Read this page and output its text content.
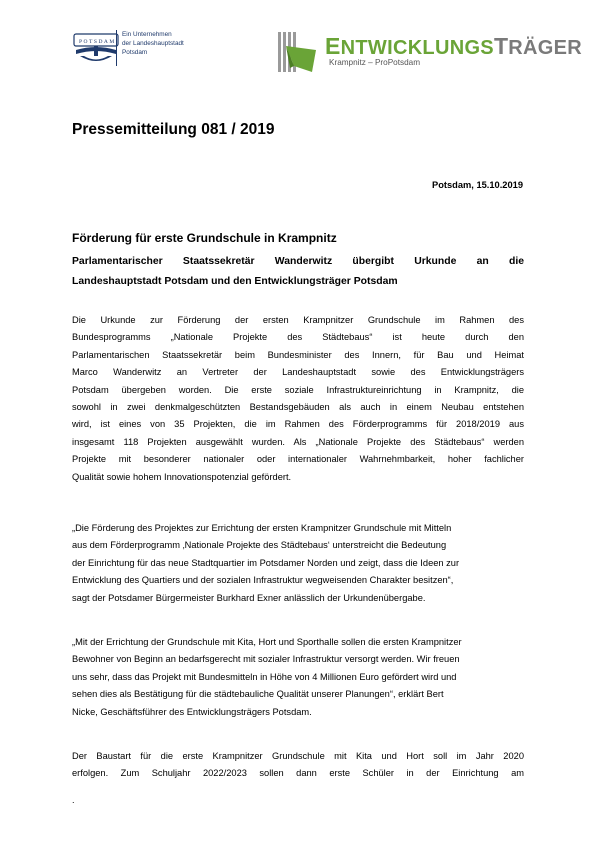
POTSDAM
Ein Unternehmen
der Landeshauptstadt
Potsdam	ENTWICKLUNGSTRÄGER
Krampnitz – ProPotsdam
Pressemitteilung 081 / 2019
Potsdam, 15.10.2019
Förderung für erste Grundschule in Krampnitz
Parlamentarischer Staatssekretär Wanderwitz übergibt Urkunde an die
Landeshauptstadt Potsdam und den Entwicklungsträger Potsdam
Die Urkunde zur Förderung der ersten Krampnitzer Grundschule im Rahmen des
Bundesprogramms „Nationale Projekte des Städtebaus“ ist heute durch den
Parlamentarischen Staatssekretär beim Bundesminister des Innern, für Bau und Heimat
Marco Wanderwitz an Vertreter der Landeshauptstadt sowie des Entwicklungsträgers
Potsdam übergeben worden. Die erste soziale Infrastruktureinrichtung in Krampnitz, die
sowohl in zwei denkmalgeschützten Bestandsgebäuden als auch in einem Neubau entstehen
wird, ist eines von 35 Projekten, die im Rahmen des Förderprogramms für 2018/2019 aus
insgesamt 118 Projekten ausgewählt wurden. Als „Nationale Projekte des Städtebaus“ werden
Projekte mit besonderer nationaler oder internationaler Wahrnehmbarkeit, hoher fachlicher
Qualität sowie hohem Innovationspotenzial gefördert.
„Die Förderung des Projektes zur Errichtung der ersten Krampnitzer Grundschule mit Mitteln
aus dem Förderprogramm ‚Nationale Projekte des Städtebaus‘ unterstreicht die Bedeutung
der Einrichtung für das neue Stadtquartier im Potsdamer Norden und zeigt, dass die Ideen zur
Entwicklung des Quartiers und der sozialen Infrastruktur wegweisenden Charakter besitzen“,
sagt der Potsdamer Bürgermeister Burkhard Exner anlässlich der Urkundenübergabe.
„Mit der Errichtung der Grundschule mit Kita, Hort und Sporthalle sollen die ersten Krampnitzer
Bewohner von Beginn an bedarfsgerecht mit sozialer Infrastruktur versorgt werden. Wir freuen
uns sehr, dass das Projekt mit Bundesmitteln in Höhe von 4 Millionen Euro gefördert wird und
sehen dies als Bestätigung für die städtebauliche Qualität unserer Planungen“, erklärt Bert
Nicke, Geschäftsführer des Entwicklungsträgers Potsdam.
Der Baustart für die erste Krampnitzer Grundschule mit Kita und Hort soll im Jahr 2020
erfolgen. Zum Schuljahr 2022/2023 sollen dann erste Schüler in der Einrichtung am
.
